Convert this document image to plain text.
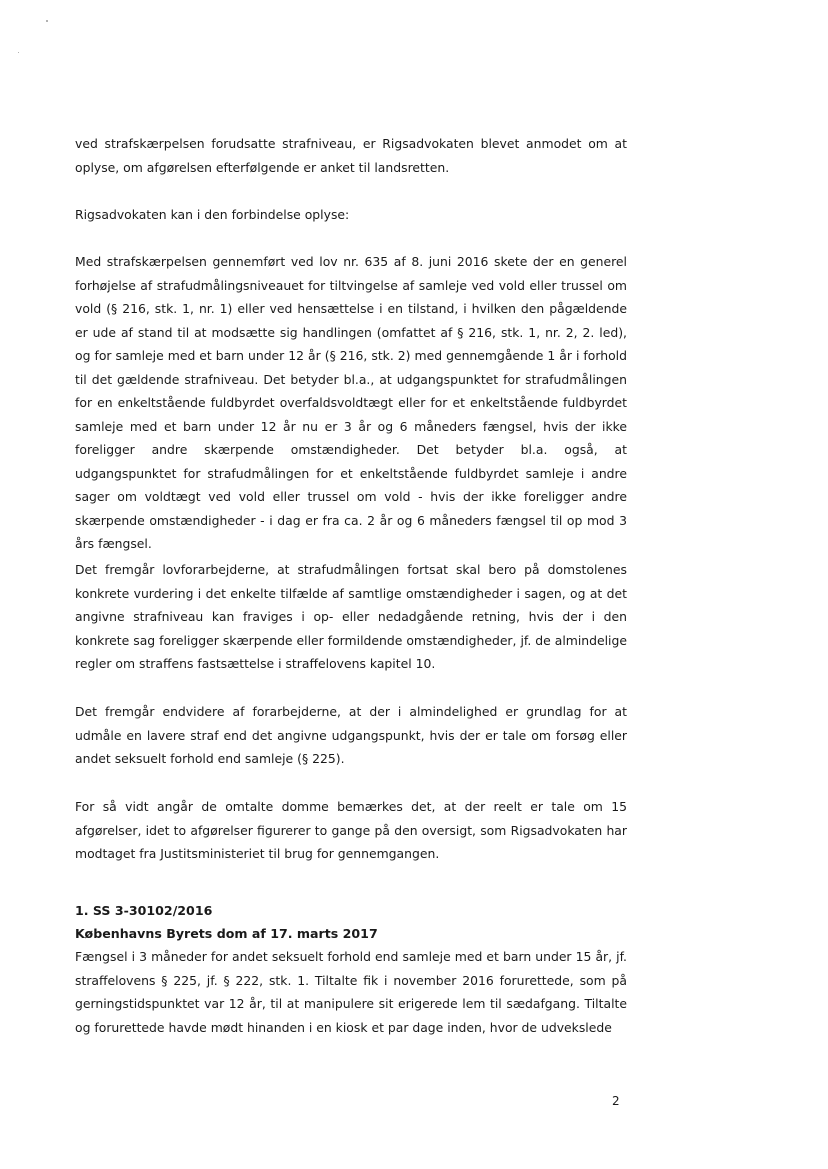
ved strafskærpelsen forudsatte strafniveau, er Rigsadvokaten blevet anmodet om at oplyse, om afgørelsen efterfølgende er anket til landsretten.
Rigsadvokaten kan i den forbindelse oplyse:
Med strafskærpelsen gennemført ved lov nr. 635 af 8. juni 2016 skete der en generel forhøjelse af strafudmålingsniveauet for tiltvingelse af samleje ved vold eller trussel om vold (§ 216, stk. 1, nr. 1) eller ved hensættelse i en tilstand, i hvilken den pågældende er ude af stand til at modsætte sig handlingen (omfattet af § 216, stk. 1, nr. 2, 2. led), og for samleje med et barn under 12 år (§ 216, stk. 2) med gennemgående 1 år i forhold til det gældende strafniveau. Det betyder bl.a., at udgangspunktet for strafudmålingen for en enkeltstående fuldbyrdet overfaldsvoldtægt eller for et enkeltstående fuldbyrdet samleje med et barn under 12 år nu er 3 år og 6 måneders fængsel, hvis der ikke foreligger andre skærpende omstændigheder. Det betyder bl.a. også, at udgangspunktet for strafudmålingen for et enkeltstående fuldbyrdet samleje i andre sager om voldtægt ved vold eller trussel om vold - hvis der ikke foreligger andre skærpende omstændigheder - i dag er fra ca. 2 år og 6 måneders fængsel til op mod 3 års fængsel.
Det fremgår lovforarbejderne, at strafudmålingen fortsat skal bero på domstolenes konkrete vurdering i det enkelte tilfælde af samtlige omstændigheder i sagen, og at det angivne strafniveau kan fraviges i op- eller nedadgående retning, hvis der i den konkrete sag foreligger skærpende eller formildende omstændigheder, jf. de almindelige regler om straffens fastsættelse i straffelovens kapitel 10.
Det fremgår endvidere af forarbejderne, at der i almindelighed er grundlag for at udmåle en lavere straf end det angivne udgangspunkt, hvis der er tale om forsøg eller andet seksuelt forhold end samleje (§ 225).
For så vidt angår de omtalte domme bemærkes det, at der reelt er tale om 15 afgørelser, idet to afgørelser figurerer to gange på den oversigt, som Rigsadvokaten har modtaget fra Justitsministeriet til brug for gennemgangen.
1. SS 3-30102/2016
Københavns Byrets dom af 17. marts 2017
Fængsel i 3 måneder for andet seksuelt forhold end samleje med et barn under 15 år, jf. straffelovens § 225, jf. § 222, stk. 1. Tiltalte fik i november 2016 forurettede, som på gerningstidspunktet var 12 år, til at manipulere sit erigerede lem til sædafgang. Tiltalte og forurettede havde mødt hinanden i en kiosk et par dage inden, hvor de udvekslede
2
